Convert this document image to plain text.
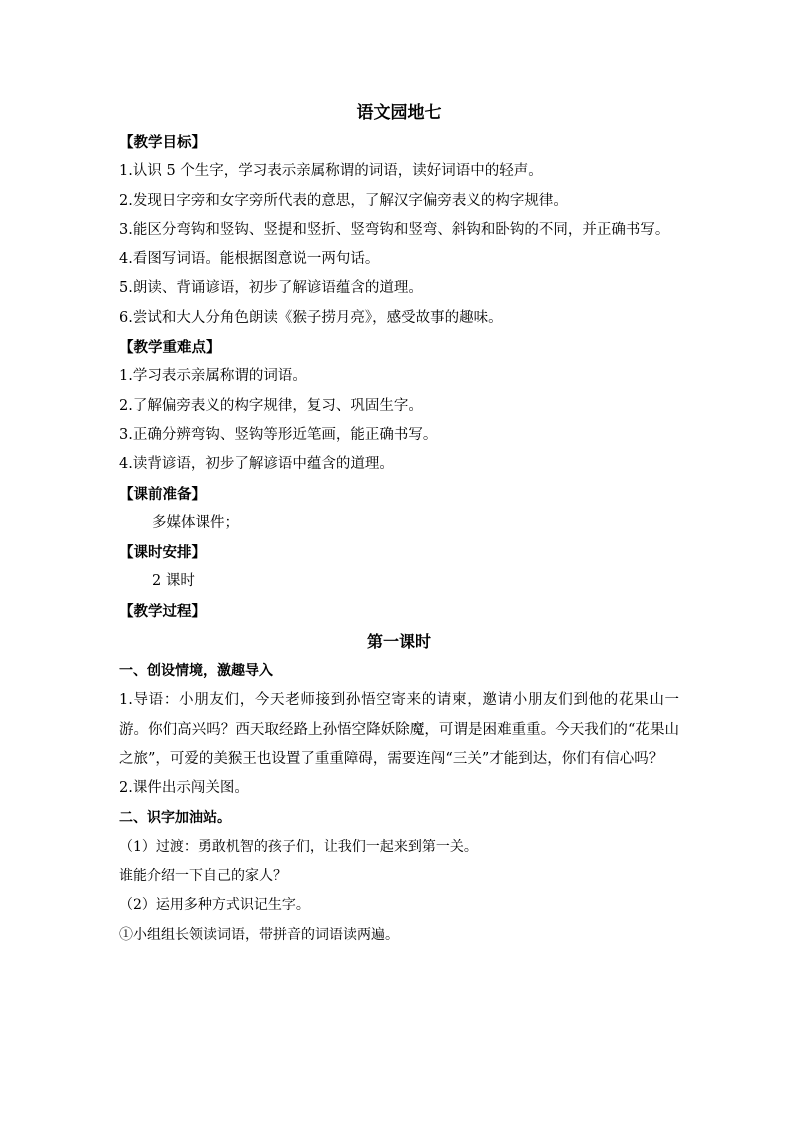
语文园地七

【教学目标】

1.认识 5 个生字，学习表示亲属称谓的词语，读好词语中的轻声。

2.发现日字旁和女字旁所代表的意思，了解汉字偏旁表义的构字规律。

3.能区分弯钩和竖钩、竖提和竖折、竖弯钩和竖弯、斜钩和卧钩的不同，并正确书写。

4.看图写词语。能根据图意说一两句话。

5.朗读、背诵谚语，初步了解谚语蕴含的道理。

6.尝试和大人分角色朗读《猴子捞月亮》，感受故事的趣味。

【教学重难点】

1.学习表示亲属称谓的词语。

2.了解偏旁表义的构字规律，复习、巩固生字。

3.正确分辨弯钩、竖钩等形近笔画，能正确书写。

4.读背谚语，初步了解谚语中蕴含的道理。

【课前准备】

多媒体课件；

【课时安排】

2 课时

【教学过程】

第一课时

一、创设情境，激趣导入

1.导语：小朋友们，今天老师接到孙悟空寄来的请柬，邀请小朋友们到他的花果山一游。你们高兴吗？西天取经路上孙悟空降妖除魔，可谓是困难重重。今天我们的“花果山之旅”，可爱的美猴王也设置了重重障碍，需要连闯“三关”才能到达，你们有信心吗？

2.课件出示闯关图。

二、识字加油站。

（1）过渡：勇敢机智的孩子们，让我们一起来到第一关。

谁能介绍一下自己的家人？

（2）运用多种方式识记生字。

①小组组长领读词语，带拼音的词语读两遍。
